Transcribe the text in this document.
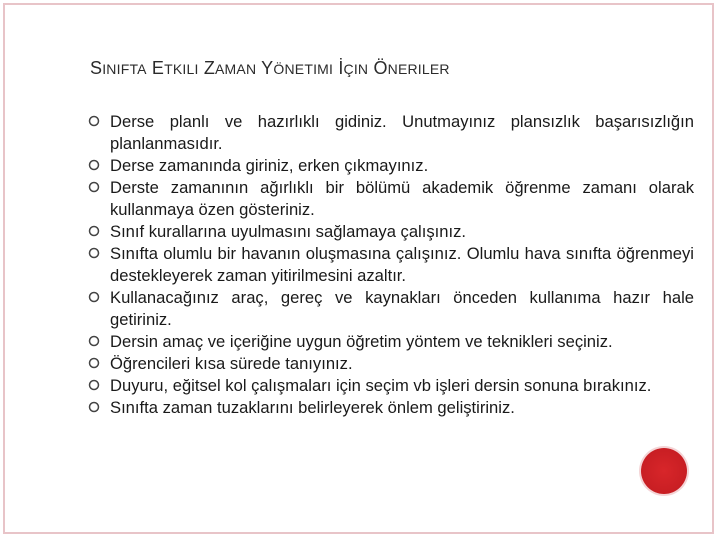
SINIFTA ETKILI ZAMAN YÖNETIMI İÇIN ÖNERILER
Derse planlı ve hazırlıklı gidiniz. Unutmayınız plansızlık başarısızlığın planlanmasıdır.
Derse zamanında giriniz, erken çıkmayınız.
Derste zamanının ağırlıklı bir bölümü akademik öğrenme zamanı olarak kullanmaya özen gösteriniz.
Sınıf kurallarına uyulmasını sağlamaya çalışınız.
Sınıfta olumlu bir havanın oluşmasına çalışınız. Olumlu hava sınıfta öğrenmeyi destekleyerek zaman yitirilmesini azaltır.
Kullanacağınız araç, gereç ve kaynakları önceden kullanıma hazır hale getiriniz.
Dersin amaç ve içeriğine uygun öğretim yöntem ve teknikleri seçiniz.
Öğrencileri kısa sürede tanıyınız.
Duyuru, eğitsel kol çalışmaları için seçim vb işleri dersin sonuna bırakınız.
Sınıfta zaman tuzaklarını belirleyerek önlem geliştiriniz.
